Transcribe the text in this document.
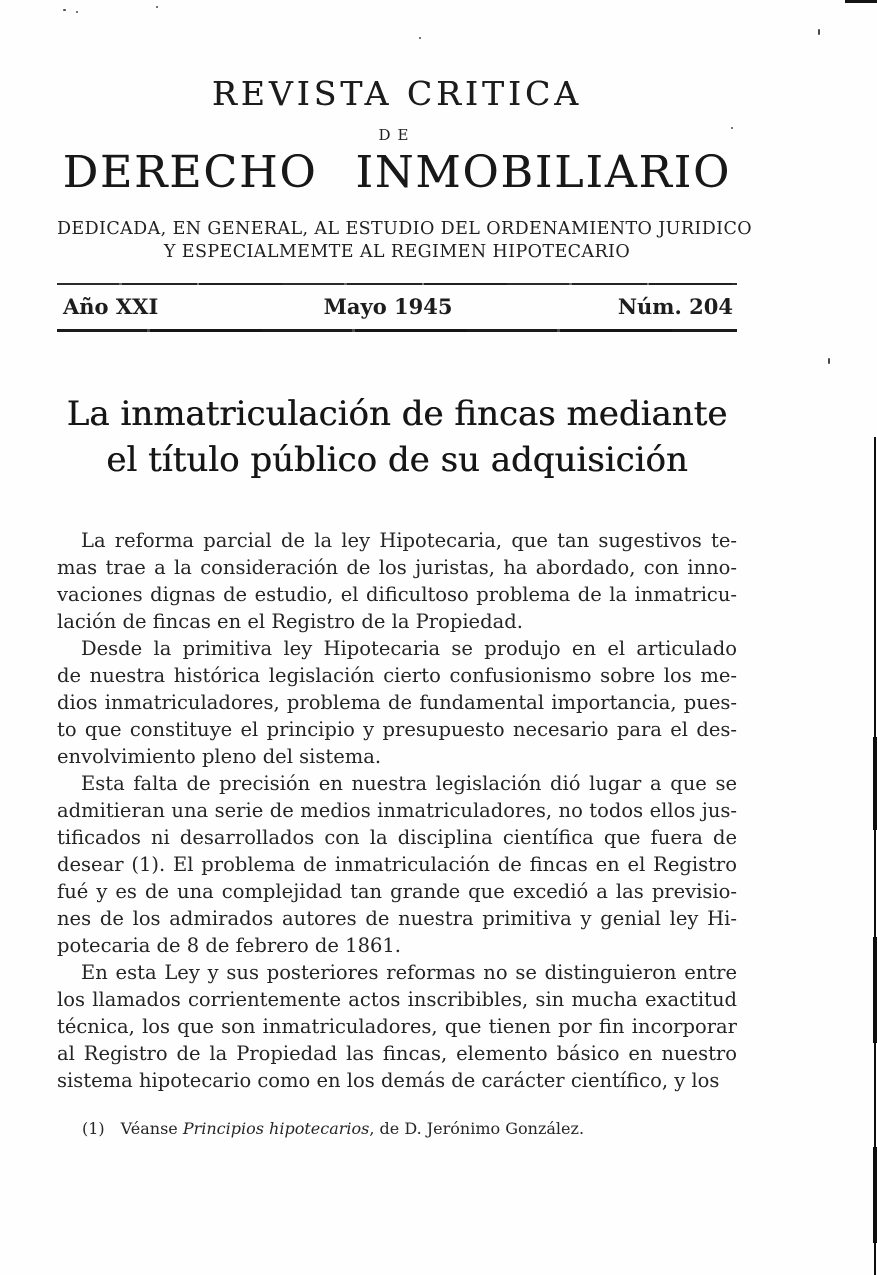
REVISTA CRITICA
DE
DERECHO INMOBILIARIO
DEDICADA, EN GENERAL, AL ESTUDIO DEL ORDENAMIENTO JURIDICO
Y ESPECIALMEMTE AL REGIMEN HIPOTECARIO
Año XXI	Mayo 1945	Núm. 204
La inmatriculación de fincas mediante
el título público de su adquisición
La reforma parcial de la ley Hipotecaria, que tan sugestivos te-
mas trae a la consideración de los juristas, ha abordado, con inno-
vaciones dignas de estudio, el dificultoso problema de la inmatricu-
lación de fincas en el Registro de la Propiedad.
Desde la primitiva ley Hipotecaria se produjo en el articulado
de nuestra histórica legislación cierto confusionismo sobre los me-
dios inmatriculadores, problema de fundamental importancia, pues-
to que constituye el principio y presupuesto necesario para el des-
envolvimiento pleno del sistema.
Esta falta de precisión en nuestra legislación dió lugar a que se
admitieran una serie de medios inmatriculadores, no todos ellos jus-
tificados ni desarrollados con la disciplina científica que fuera de
desear (1). El problema de inmatriculación de fincas en el Registro
fué y es de una complejidad tan grande que excedió a las previsio-
nes de los admirados autores de nuestra primitiva y genial ley Hi-
potecaria de 8 de febrero de 1861.
En esta Ley y sus posteriores reformas no se distinguieron entre
los llamados corrientemente actos inscribibles, sin mucha exactitud
técnica, los que son inmatriculadores, que tienen por fin incorporar
al Registro de la Propiedad las fincas, elemento básico en nuestro
sistema hipotecario como en los demás de carácter científico, y los
(1) Véanse Principios hipotecarios, de D. Jerónimo González.
